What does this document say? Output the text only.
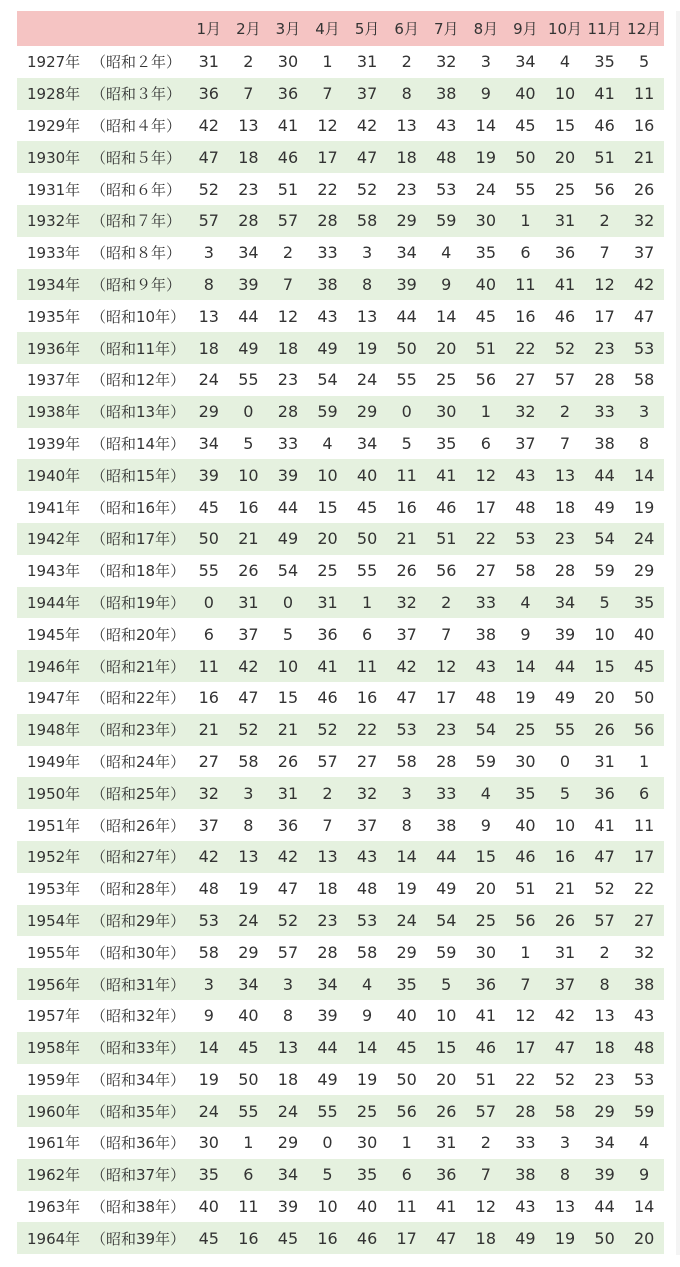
1月	2月	3月	4月	5月	6月	7月	8月	9月 10月 11月 12月
1927年 （昭和２年）	31	2	30	1	31	2	32	3	34	4	35	5
1928年 （昭和３年）	36	7	36	7	37	8	38	9	40	10	41	11
1929年 （昭和４年）	42	13	41	12	42	13	43	14	45	15	46	16
1930年 （昭和５年）	47	18	46	17	47	18	48	19	50	20	51	21
1931年 （昭和６年）	52	23	51	22	52	23	53	24	55	25	56	26
1932年 （昭和７年）	57	28	57	28	58	29	59	30	1	31	2	32
1933年 （昭和８年）	3	34	2	33	3	34	4	35	6	36	7	37
1934年 （昭和９年）	8	39	7	38	8	39	9	40	11	41	12	42
1935年 （昭和10年） 13	44	12	43	13	44	14	45	16	46	17	47
1936年 （昭和11年） 18	49	18	49	19	50	20	51	22	52	23	53
1937年 （昭和12年） 24	55	23	54	24	55	25	56	27	57	28	58
1938年 （昭和13年） 29	0	28	59	29	0	30	1	32	2	33	3
1939年 （昭和14年） 34	5	33	4	34	5	35	6	37	7	38	8
1940年 （昭和15年） 39	10	39	10	40	11	41	12	43	13	44	14
1941年 （昭和16年） 45	16	44	15	45	16	46	17	48	18	49	19
1942年 （昭和17年） 50	21	49	20	50	21	51	22	53	23	54	24
1943年 （昭和18年） 55	26	54	25	55	26	56	27	58	28	59	29
1944年 （昭和19年）	0	31	0	31	1	32	2	33	4	34	5	35
1945年 （昭和20年）	6	37	5	36	6	37	7	38	9	39	10	40
1946年 （昭和21年） 11	42	10	41	11	42	12	43	14	44	15	45
1947年 （昭和22年） 16	47	15	46	16	47	17	48	19	49	20	50
1948年 （昭和23年） 21	52	21	52	22	53	23	54	25	55	26	56
1949年 （昭和24年） 27	58	26	57	27	58	28	59	30	0	31	1
1950年 （昭和25年） 32	3	31	2	32	3	33	4	35	5	36	6
1951年 （昭和26年） 37	8	36	7	37	8	38	9	40	10	41	11
1952年 （昭和27年） 42	13	42	13	43	14	44	15	46	16	47	17
1953年 （昭和28年） 48	19	47	18	48	19	49	20	51	21	52	22
1954年 （昭和29年） 53	24	52	23	53	24	54	25	56	26	57	27
1955年 （昭和30年） 58	29	57	28	58	29	59	30	1	31	2	32
1956年 （昭和31年）	3	34	3	34	4	35	5	36	7	37	8	38
1957年 （昭和32年）	9	40	8	39	9	40	10	41	12	42	13	43
1958年 （昭和33年） 14	45	13	44	14	45	15	46	17	47	18	48
1959年 （昭和34年） 19	50	18	49	19	50	20	51	22	52	23	53
1960年 （昭和35年） 24	55	24	55	25	56	26	57	28	58	29	59
1961年 （昭和36年） 30	1	29	0	30	1	31	2	33	3	34	4
1962年 （昭和37年） 35	6	34	5	35	6	36	7	38	8	39	9
1963年 （昭和38年） 40	11	39	10	40	11	41	12	43	13	44	14
1964年 （昭和39年） 45	16	45	16	46	17	47	18	49	19	50	20
